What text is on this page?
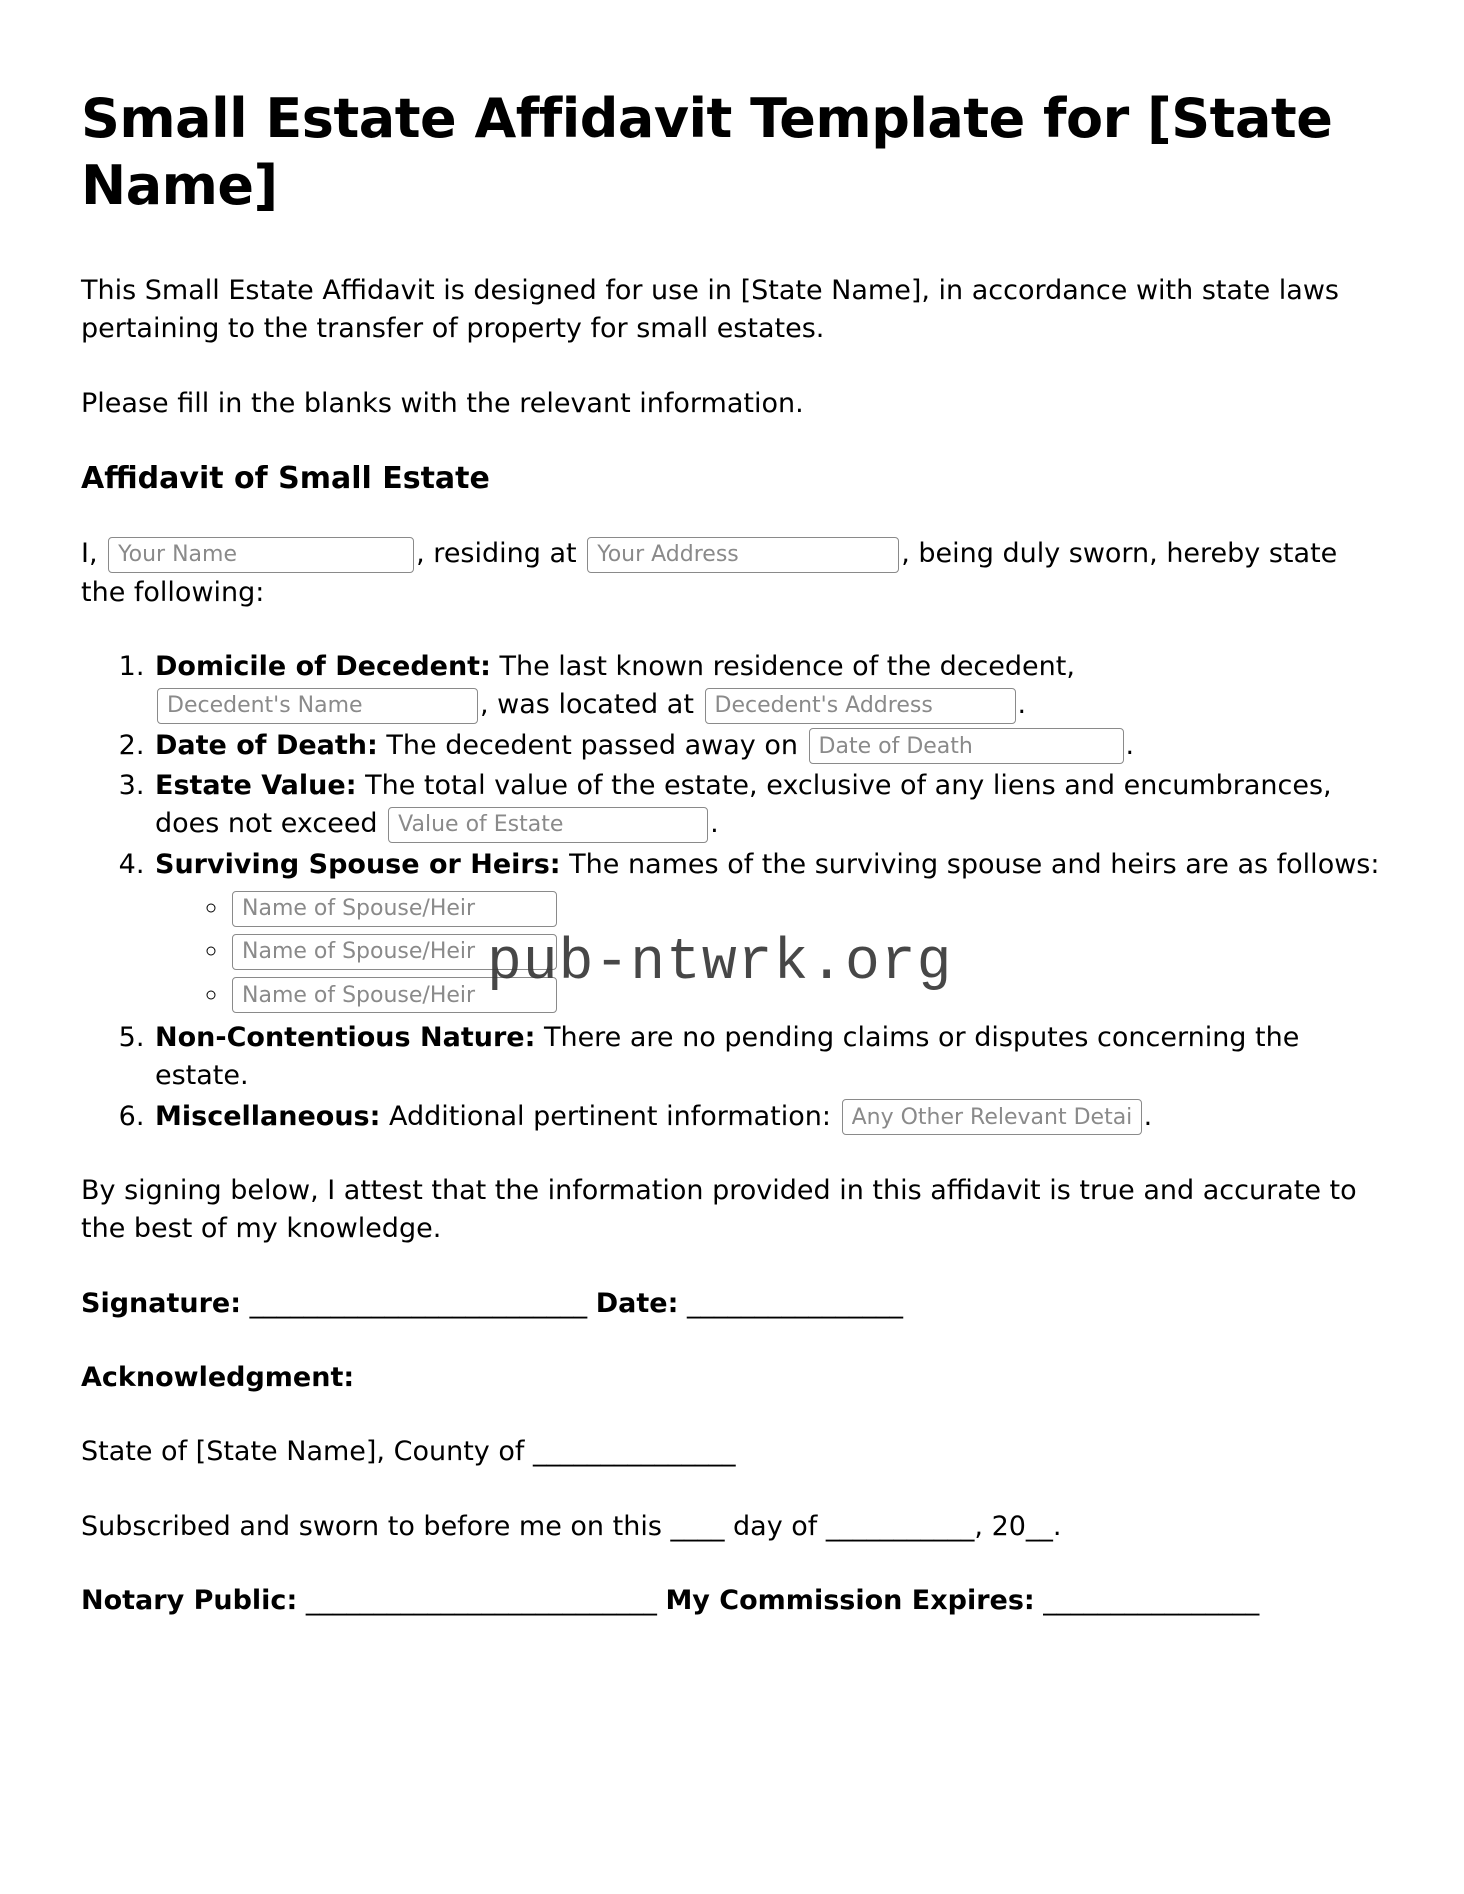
Small Estate Affidavit Template for [State Name]

This Small Estate Affidavit is designed for use in [State Name], in accordance with state laws pertaining to the transfer of property for small estates.

Please fill in the blanks with the relevant information.

Affidavit of Small Estate

I, Your Name	, residing at Your Address	, being duly sworn, hereby state the following:

1. Domicile of Decedent: The last known residence of the decedent, Decedent's Name, was located at Decedent's Address	.
2. Date of Death: The decedent passed away on Date of Death	.
3. Estate Value: The total value of the estate, exclusive of any liens and encumbrances, does not exceed Value of Estate	.
4. Surviving Spouse or Heirs: The names of the surviving spouse and heirs are as follows:
◦ Name of Spouse/Heir
◦ Name of Spouse/Heir
◦ Name of Spouse/Heir
5. Non-Contentious Nature: There are no pending claims or disputes concerning the estate.
6. Miscellaneous: Additional pertinent information: Any Other Relevant Details	.

By signing below, I attest that the information provided in this affidavit is true and accurate to the best of my knowledge.

Signature: _________________________ Date: ________________

Acknowledgment:

State of [State Name], County of _______________

Subscribed and sworn to before me on this ____ day of ___________, 20__.

Notary Public: __________________________ My Commission Expires: ________________

pub-ntwrk.org
